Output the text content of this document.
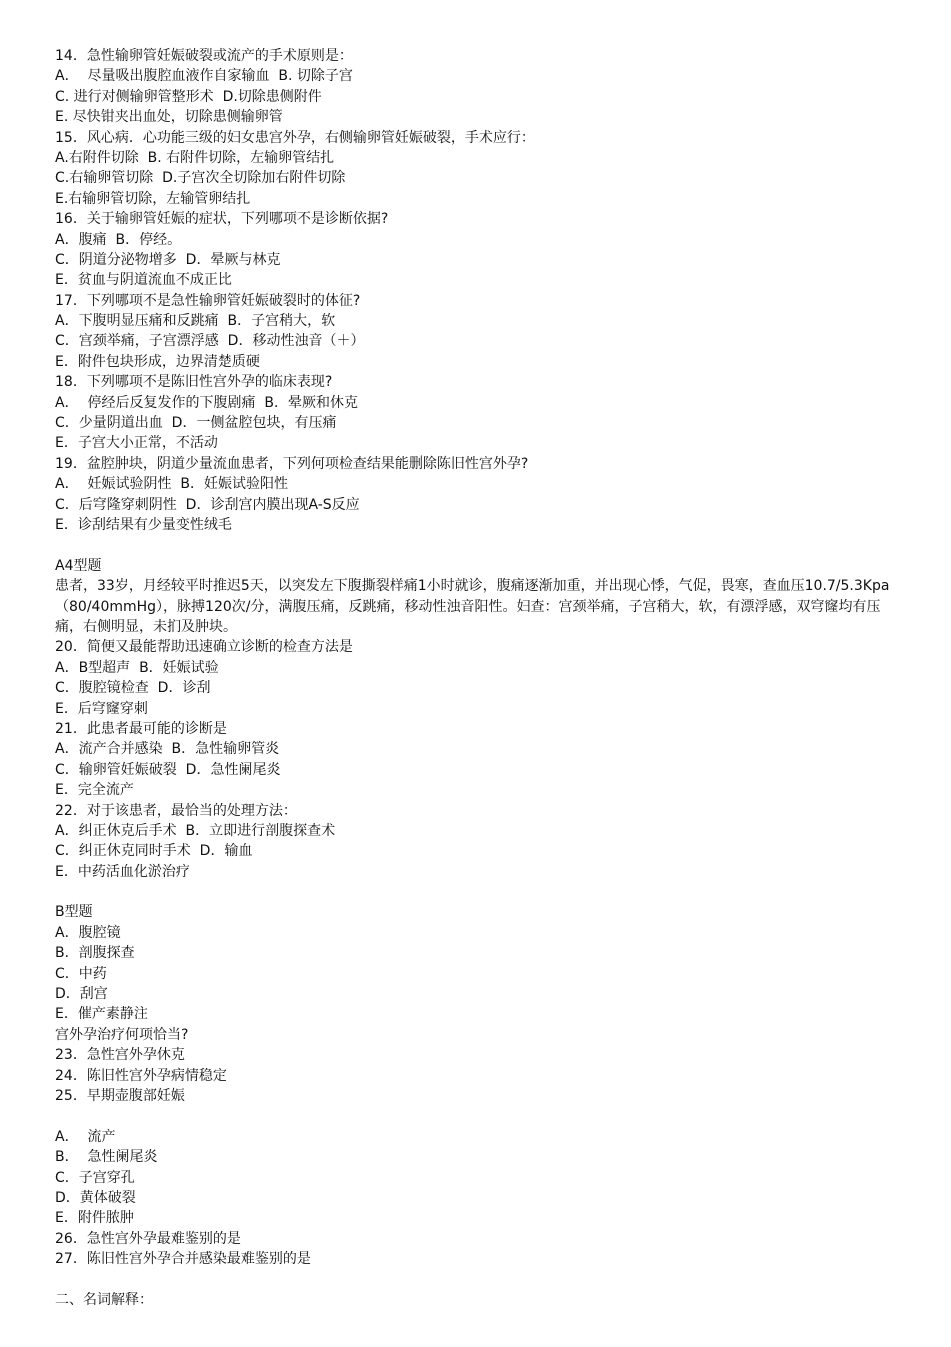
14．急性输卵管妊娠破裂或流产的手术原则是：
A．  尽量吸出腹腔血液作自家输血  B. 切除子宫
C. 进行对侧输卵管整形术  D.切除患侧附件
E. 尽快钳夹出血处，切除患侧输卵管
15．风心病．心功能三级的妇女患宫外孕，右侧输卵管妊娠破裂，手术应行：
A.右附件切除  B. 右附件切除，左输卵管结扎
C.右输卵管切除  D.子宫次全切除加右附件切除
E.右输卵管切除，左输管卵结扎
16．关于输卵管妊娠的症状，下列哪项不是诊断依据?
A．腹痛  B．停经。
C．阴道分泌物增多  D．晕厥与林克
E．贫血与阴道流血不成正比
17．下列哪项不是急性输卵管妊娠破裂时的体征?
A．下腹明显压痛和反跳痛  B．子宫稍大，软
C．宫颈举痛，子宫漂浮感  D．移动性浊音（＋）
E．附件包块形成，边界清楚质硬
18．下列哪项不是陈旧性宫外孕的临床表现?
A．  停经后反复发作的下腹剧痛  B．晕厥和休克
C．少量阴道出血  D．一侧盆腔包块，有压痛
E．子宫大小正常，不活动
19．盆腔肿块，阴道少量流血患者，下列何项检查结果能删除陈旧性宫外孕?
A．  妊娠试验阴性  B．妊娠试验阳性
C．后穹隆穿刺阴性  D．诊刮宫内膜出现A-S反应
E．诊刮结果有少量变性绒毛
A4型题
患者，33岁，月经较平时推迟5天，以突发左下腹撕裂样痛1小时就诊，腹痛逐渐加重，并出现心悸，气促，畏寒，查血压10.7/5.3Kpa（80/40mmHg），脉搏120次/分，满腹压痛，反跳痛，移动性浊音阳性。妇查：宫颈举痛，子宫稍大，软，有漂浮感，双穹窿均有压痛，右侧明显，未扪及肿块。
20．简便又最能帮助迅速确立诊断的检查方法是
A．B型超声  B．妊娠试验
C．腹腔镜检查  D．诊刮
E．后穹窿穿刺
21．此患者最可能的诊断是
A．流产合并感染  B．急性输卵管炎
C．输卵管妊娠破裂  D．急性阑尾炎
E．完全流产
22．对于该患者，最恰当的处理方法：
A．纠正休克后手术  B．立即进行剖腹探查术
C．纠正休克同时手术  D．输血
E．中药活血化淤治疗
B型题
A．腹腔镜
B．剖腹探查
C．中药
D．刮宫
E．催产素静注
宫外孕治疗何项恰当?
23．急性宫外孕休克
24．陈旧性宫外孕病情稳定
25．早期壶腹部妊娠
A．  流产
B．  急性阑尾炎
C．子宫穿孔
D．黄体破裂
E．附件脓肿
26．急性宫外孕最难鉴别的是
27．陈旧性宫外孕合并感染最难鉴别的是
二、名词解释：
